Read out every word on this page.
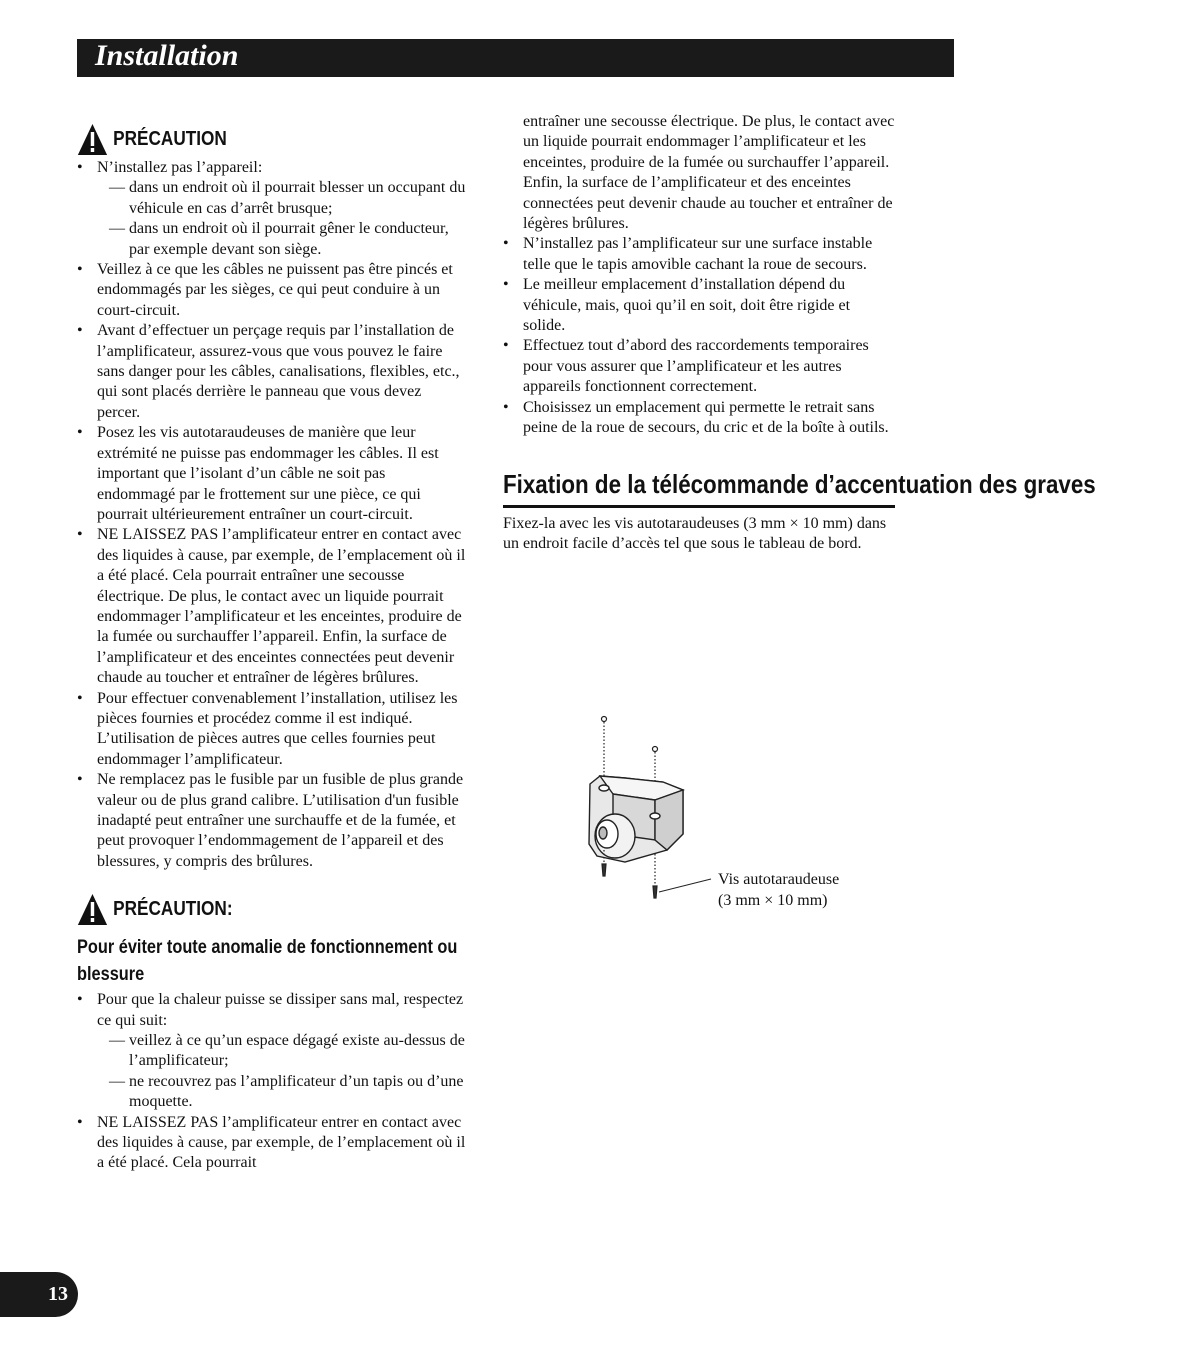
Installation
PRÉCAUTION
• N’installez pas l’appareil:
— dans un endroit où il pourrait blesser un occupant du véhicule en cas d’arrêt brusque;
— dans un endroit où il pourrait gêner le conducteur, par exemple devant son siège.
• Veillez à ce que les câbles ne puissent pas être pincés et endommagés par les sièges, ce qui peut conduire à un court-circuit.
• Avant d’effectuer un perçage requis par l’installation de l’amplificateur, assurez-vous que vous pouvez le faire sans danger pour les câbles, canalisations, flexibles, etc., qui sont placés derrière le panneau que vous devez percer.
• Posez les vis autotaraudeuses de manière que leur extrémité ne puisse pas endommager les câbles. Il est important que l’isolant d’un câble ne soit pas endommagé par le frottement sur une pièce, ce qui pourrait ultérieurement entraîner un court-circuit.
• NE LAISSEZ PAS l’amplificateur entrer en contact avec des liquides à cause, par exemple, de l’emplacement où il a été placé. Cela pourrait entraîner une secousse électrique. De plus, le contact avec un liquide pourrait endommager l’amplificateur et les enceintes, produire de la fumée ou surchauffer l’appareil. Enfin, la surface de l’amplificateur et des enceintes connectées peut devenir chaude au toucher et entraîner de légères brûlures.
• Pour effectuer convenablement l’installation, utilisez les pièces fournies et procédez comme il est indiqué. L’utilisation de pièces autres que celles fournies peut endommager l’amplificateur.
• Ne remplacez pas le fusible par un fusible de plus grande valeur ou de plus grand calibre. L’utilisation d'un fusible inadapté peut entraîner une surchauffe et de la fumée, et peut provoquer l’endommagement de l’appareil et des blessures, y compris des brûlures.
PRÉCAUTION:
Pour éviter toute anomalie de fonctionnement ou blessure
• Pour que la chaleur puisse se dissiper sans mal, respectez ce qui suit:
— veillez à ce qu’un espace dégagé existe au-dessus de l’amplificateur;
— ne recouvrez pas l’amplificateur d’un tapis ou d’une moquette.
• NE LAISSEZ PAS l’amplificateur entrer en contact avec des liquides à cause, par exemple, de l’emplacement où il a été placé. Cela pourrait
entraîner une secousse électrique. De plus, le contact avec un liquide pourrait endommager l’amplificateur et les enceintes, produire de la fumée ou surchauffer l’appareil. Enfin, la surface de l’amplificateur et des enceintes connectées peut devenir chaude au toucher et entraîner de légères brûlures.
• N’installez pas l’amplificateur sur une surface instable telle que le tapis amovible cachant la roue de secours.
• Le meilleur emplacement d’installation dépend du véhicule, mais, quoi qu’il en soit, doit être rigide et solide.
• Effectuez tout d’abord des raccordements temporaires pour vous assurer que l’amplificateur et les autres appareils fonctionnent correctement.
• Choisissez un emplacement qui permette le retrait sans peine de la roue de secours, du cric et de la boîte à outils.
Fixation de la télécommande d’accentuation des graves
Fixez-la avec les vis autotaraudeuses (3 mm × 10 mm) dans un endroit facile d’accès tel que sous le tableau de bord.
Vis autotaraudeuse
(3 mm × 10 mm)
13
